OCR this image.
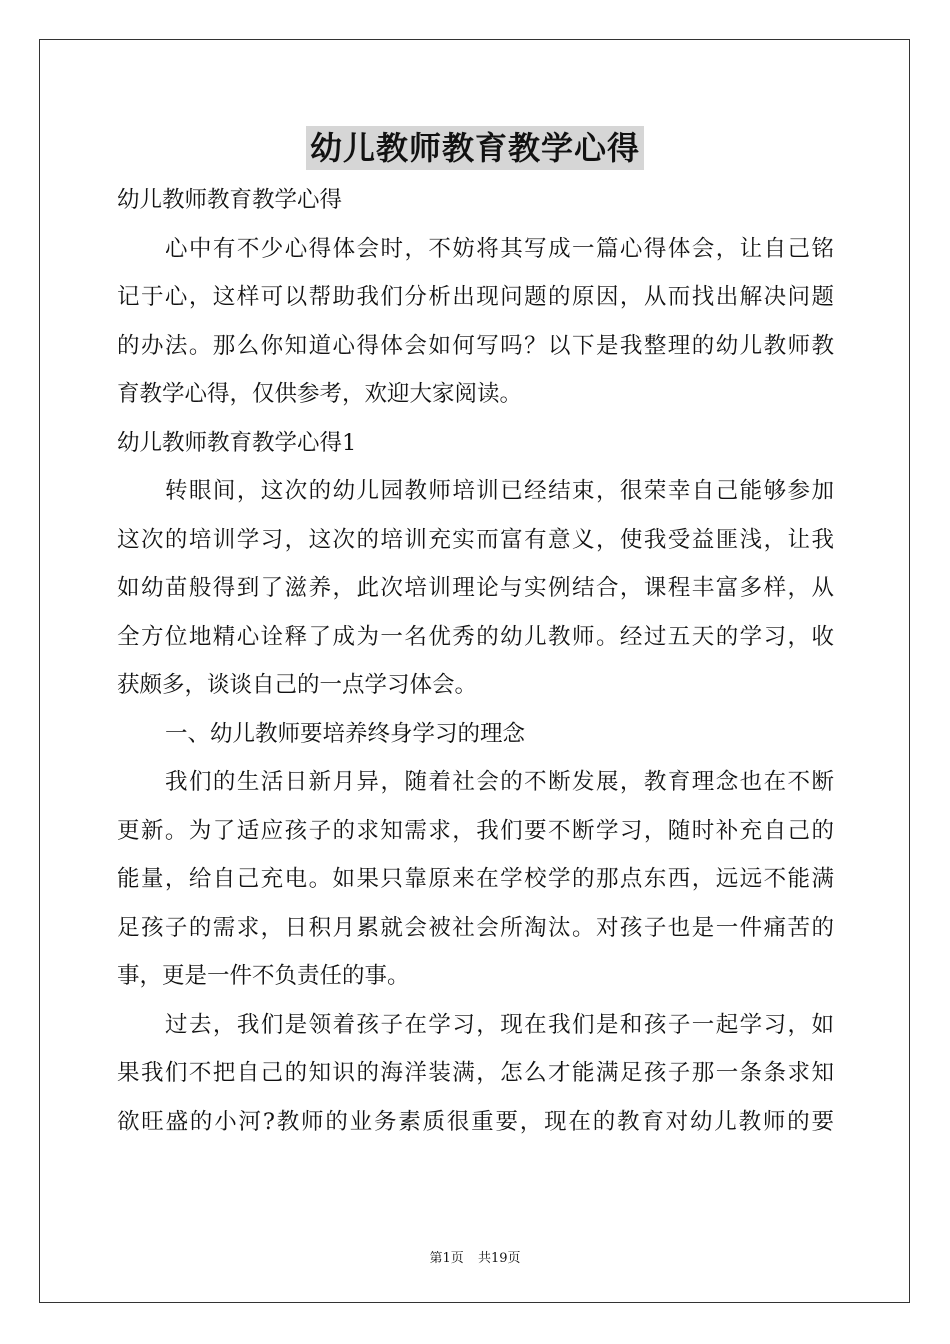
幼儿教师教育教学心得
幼儿教师教育教学心得
心中有不少心得体会时，不妨将其写成一篇心得体会，让自己铭
记于心，这样可以帮助我们分析出现问题的原因，从而找出解决问题
的办法。那么你知道心得体会如何写吗？以下是我整理的幼儿教师教
育教学心得，仅供参考，欢迎大家阅读。
幼儿教师教育教学心得1
转眼间，这次的幼儿园教师培训已经结束，很荣幸自己能够参加
这次的培训学习，这次的培训充实而富有意义，使我受益匪浅，让我
如幼苗般得到了滋养，此次培训理论与实例结合，课程丰富多样，从
全方位地精心诠释了成为一名优秀的幼儿教师。经过五天的学习，收
获颇多，谈谈自己的一点学习体会。
一、幼儿教师要培养终身学习的理念
我们的生活日新月异，随着社会的不断发展，教育理念也在不断
更新。为了适应孩子的求知需求，我们要不断学习，随时补充自己的
能量，给自己充电。如果只靠原来在学校学的那点东西，远远不能满
足孩子的需求，日积月累就会被社会所淘汰。对孩子也是一件痛苦的
事，更是一件不负责任的事。
过去，我们是领着孩子在学习，现在我们是和孩子一起学习，如
果我们不把自己的知识的海洋装满，怎么才能满足孩子那一条条求知
欲旺盛的小河?教师的业务素质很重要，现在的教育对幼儿教师的要
第1页 共19页
